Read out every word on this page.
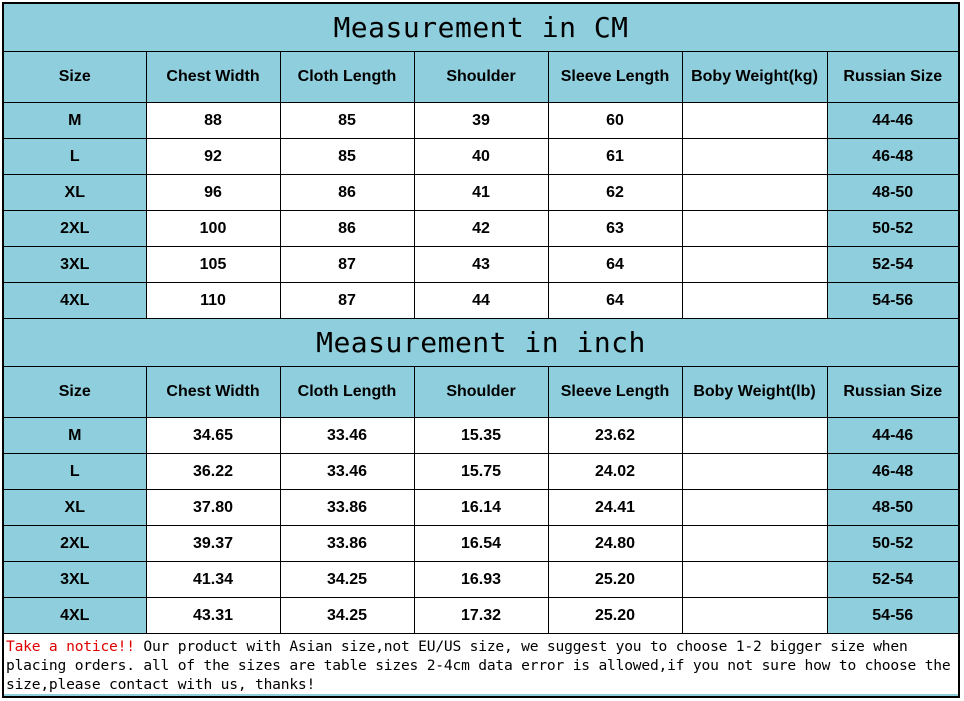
Measurement in CM
Size	Chest Width	Cloth Length	Shoulder	Sleeve Length	Boby Weight(kg)	Russian Size
M	88	85	39	60		44-46
L	92	85	40	61		46-48
XL	96	86	41	62		48-50
2XL	100	86	42	63		50-52
3XL	105	87	43	64		52-54
4XL	110	87	44	64		54-56
Measurement in inch
Size	Chest Width	Cloth Length	Shoulder	Sleeve Length	Boby Weight(lb)	Russian Size
M	34.65	33.46	15.35	23.62		44-46
L	36.22	33.46	15.75	24.02		46-48
XL	37.80	33.86	16.14	24.41		48-50
2XL	39.37	33.86	16.54	24.80		50-52
3XL	41.34	34.25	16.93	25.20		52-54
4XL	43.31	34.25	17.32	25.20		54-56
Take a notice!! Our product with Asian size,not EU/US size, we suggest you to choose 1-2 bigger size when placing orders. all of the sizes are table sizes 2-4cm data error is allowed,if you not sure how to choose the size,please contact with us, thanks!
